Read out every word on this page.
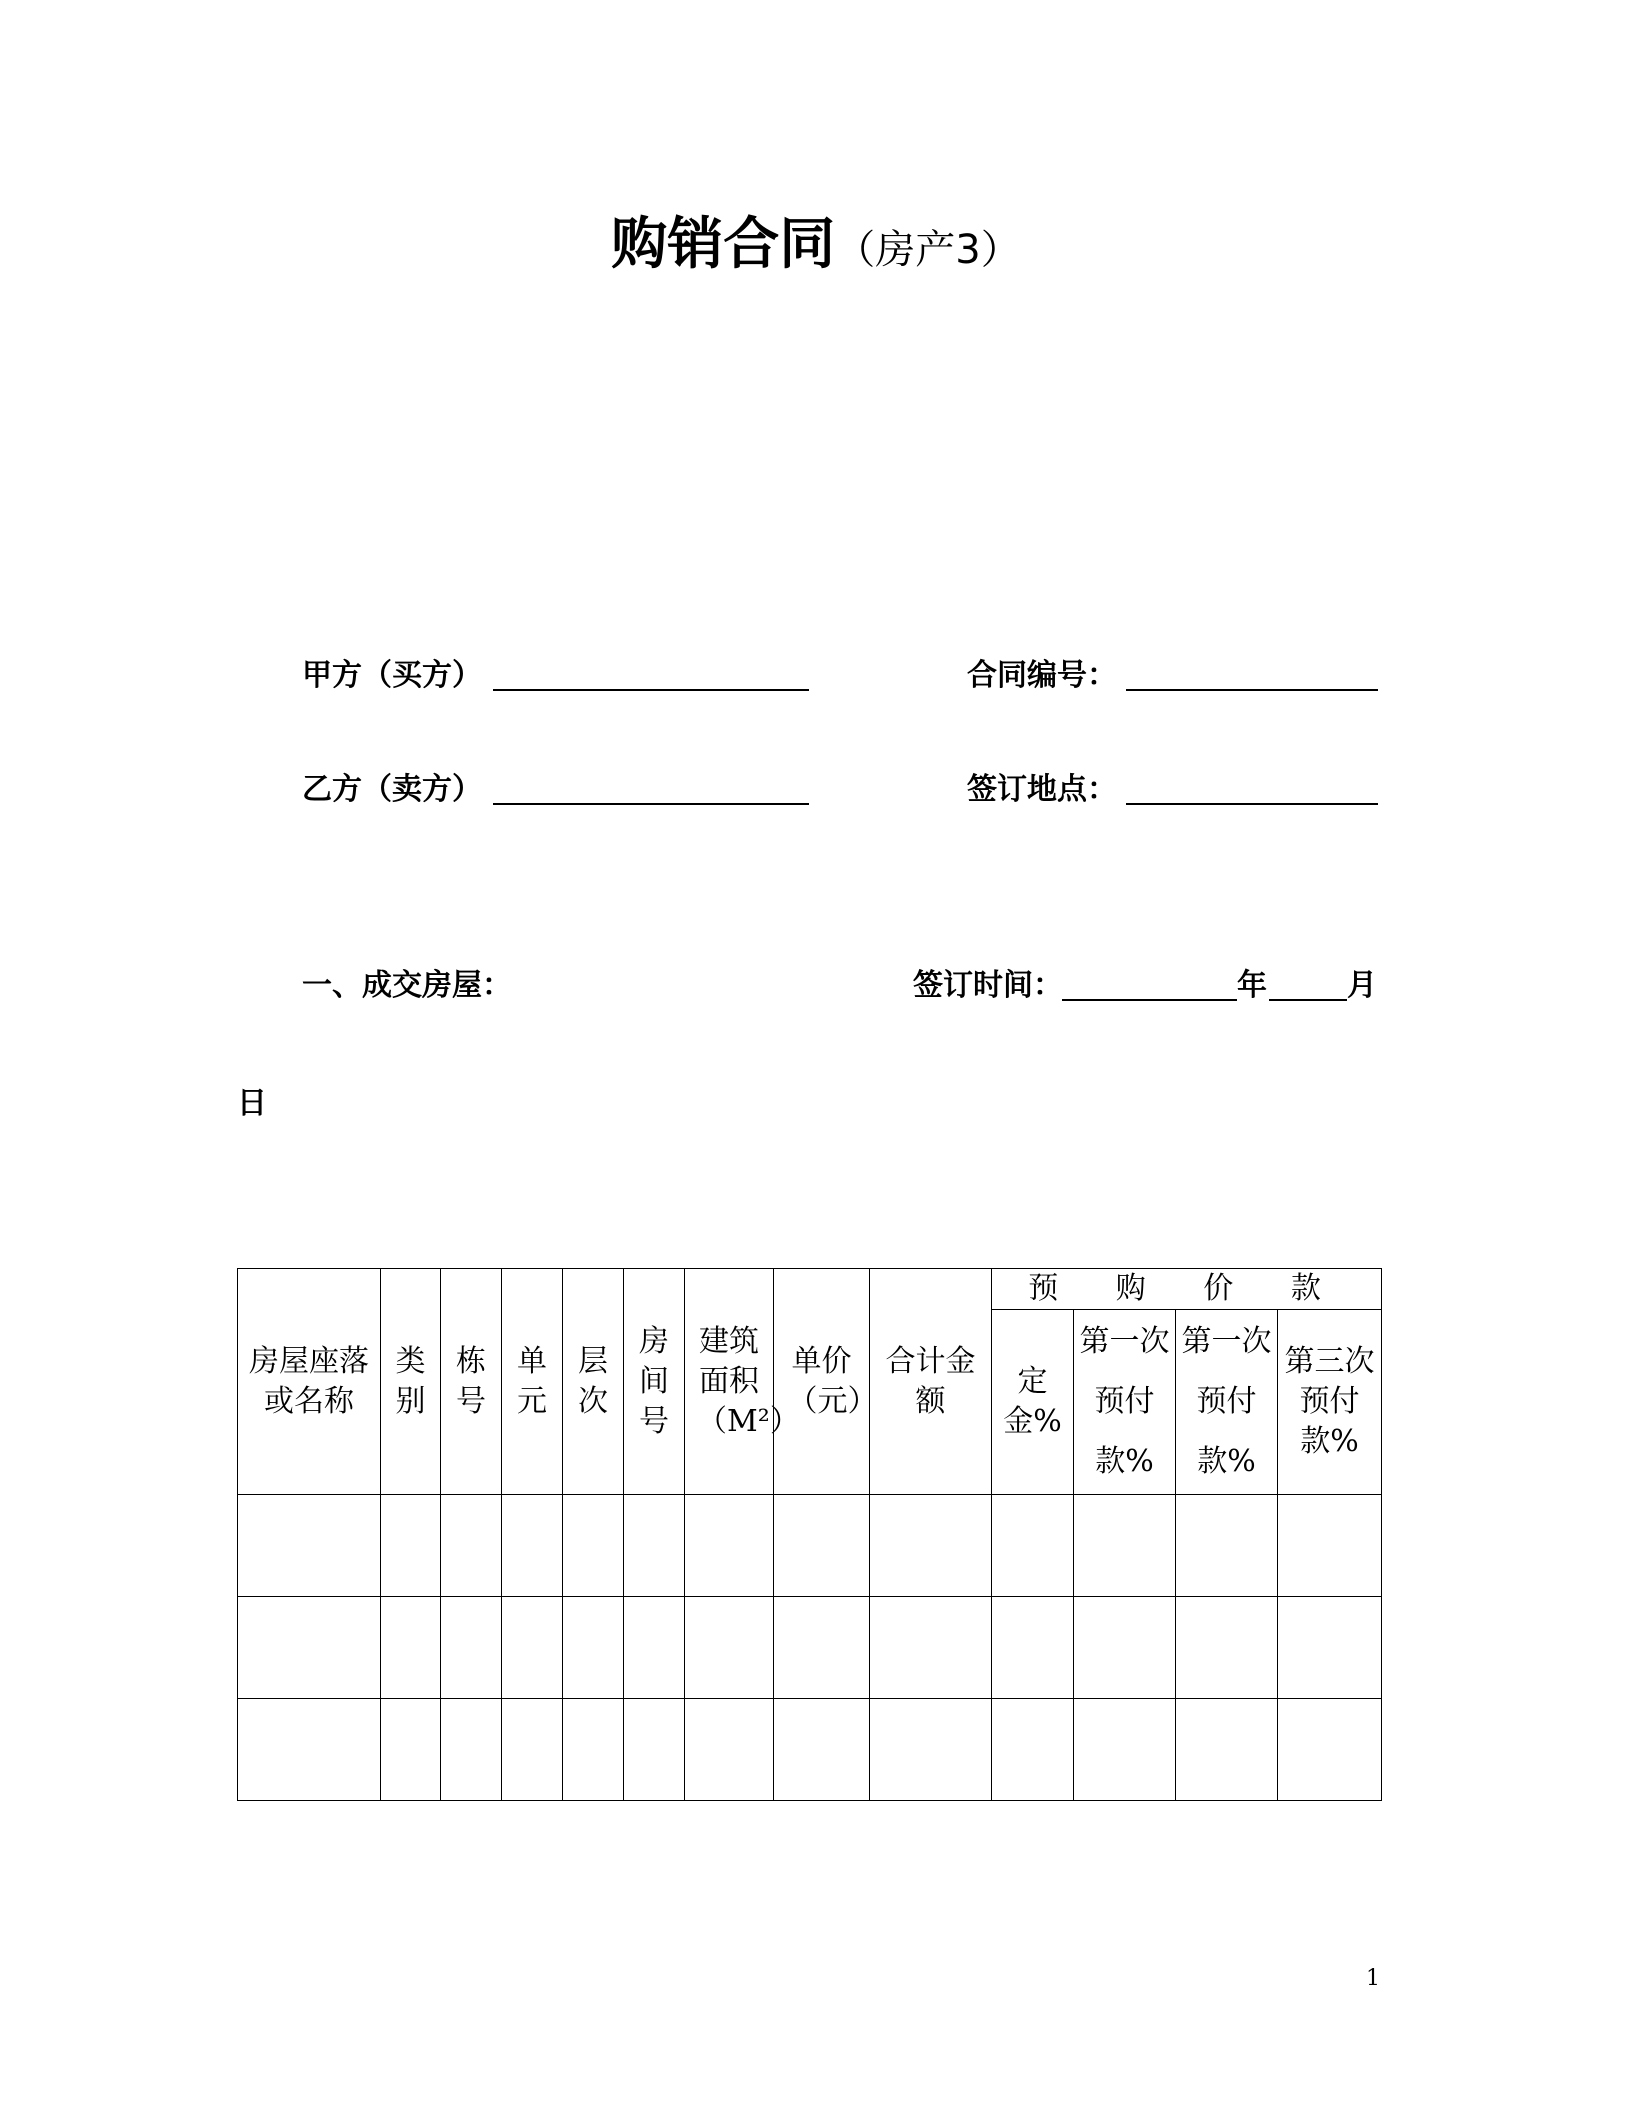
购销合同（房产3）
甲方（买方）	合同编号：
乙方（卖方）	签订地点：
一、成交房屋：	签订时间：	年	月
日
房屋座落或名称	类别	栋号	单元	层次	房间号	建筑面积（M²）	单价（元）	合计金额	预 购 价 款			
									定金%	第一次预付款%	第一次预付款%	第三次预付款%

1
